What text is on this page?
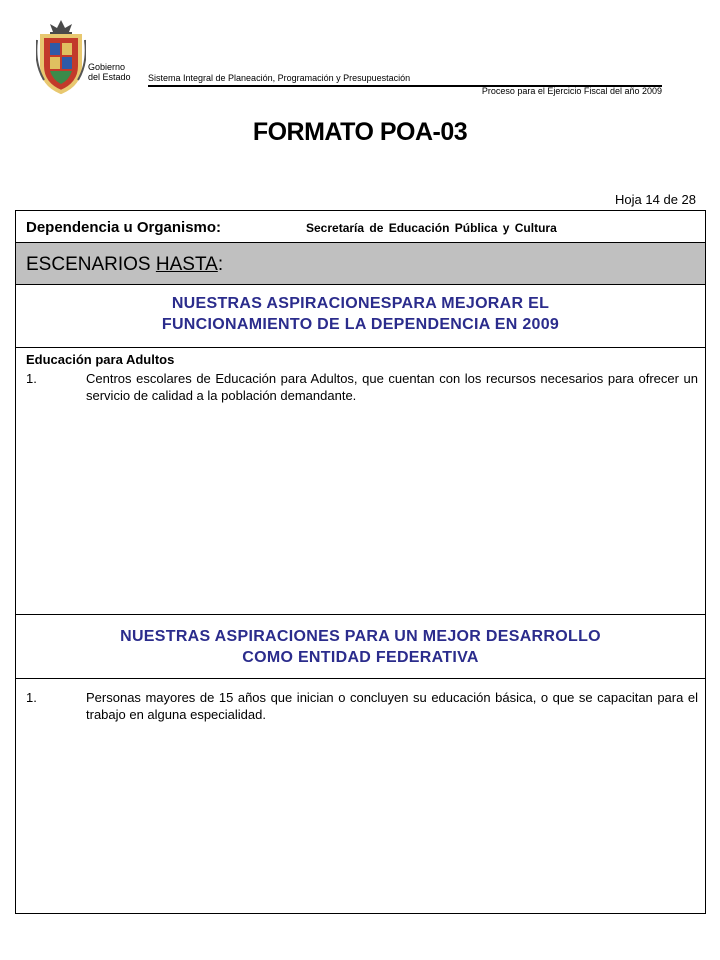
Gobierno
del Estado Sistema Integral de Planeación, Programación y Presupuestación
Proceso para el Ejercicio Fiscal del año 2009
FORMATO POA-03
Hoja 14 de 28
Dependencia u Organismo:	Secretaría de Educación Pública y Cultura
ESCENARIOS HASTA:
NUESTRAS ASPIRACIONESPARA MEJORAR EL
FUNCIONAMIENTO DE LA DEPENDENCIA EN 2009
Educación para Adultos
1.	Centros escolares de Educación para Adultos, que cuentan con los recursos necesarios para ofrecer un servicio de calidad a la población demandante.
NUESTRAS ASPIRACIONES PARA UN MEJOR DESARROLLO
COMO ENTIDAD FEDERATIVA
1.	Personas mayores de 15 años que inician o concluyen su educación básica, o que se capacitan para el trabajo en alguna especialidad.
